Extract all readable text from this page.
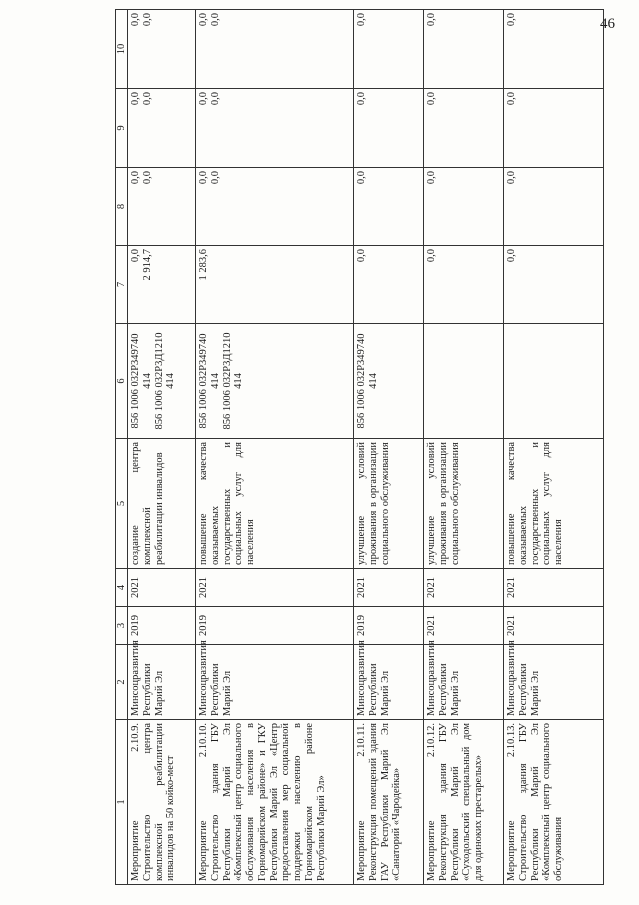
46
1	2	3	4	5	6	7	8	9	10
Мероприятие 2.10.9. Строительство центра комплексной реабилитации инвалидов на 50 койко-мест	Минсоцразвития Республики Марий Эл	2019	2021	создание центра комплексной реабилитации инвалидов	856 1006 032P349740 414 856 1006 032P3Д1210 414	0,0 2 914,7	0,0 0,0	0,0 0,0	0,0 0,0

Мероприятие 2.10.10. Строительство здания ГБУ Республики Марий Эл «Комплексный центр социального обслуживания населения в Горномарийском районе» и ГКУ Республики Марий Эл «Центр предоставления мер социальной поддержки населению в Горномарийском районе Республики Марий Эл»	Минсоцразвития Республики Марий Эл	2019	2021	повышение качества оказываемых государственных и социальных услуг для населения	856 1006 032P349740 414 856 1006 032P3Д1210 414	1 283,6	0,0 0,0	0,0 0,0	0,0 0,0

Мероприятие 2.10.11. Реконструкция помещений здания ГАУ Республики Марий Эл «Санаторий «Чародейка»	Минсоцразвития Республики Марий Эл	2019	2021	улучшение условий проживания в организации социального обслуживания	856 1006 032P349740 414	0,0	0,0	0,0	0,0
Мероприятие 2.10.12. Реконструкция здания ГБУ Республики Марий Эл «Суходольский специальный дом для одиноких престарелых»	Минсоцразвития Республики Марий Эл	2021	2021	улучшение условий проживания в организации социального обслуживания		0,0	0,0	0,0	0,0
Мероприятие 2.10.13. Строительство здания ГБУ Республики Марий Эл «Комплексный центр социального обслуживания	Минсоцразвития Республики Марий Эл	2021	2021	повышение качества оказываемых государственных и социальных услуг для населения		0,0	0,0	0,0	0,0
